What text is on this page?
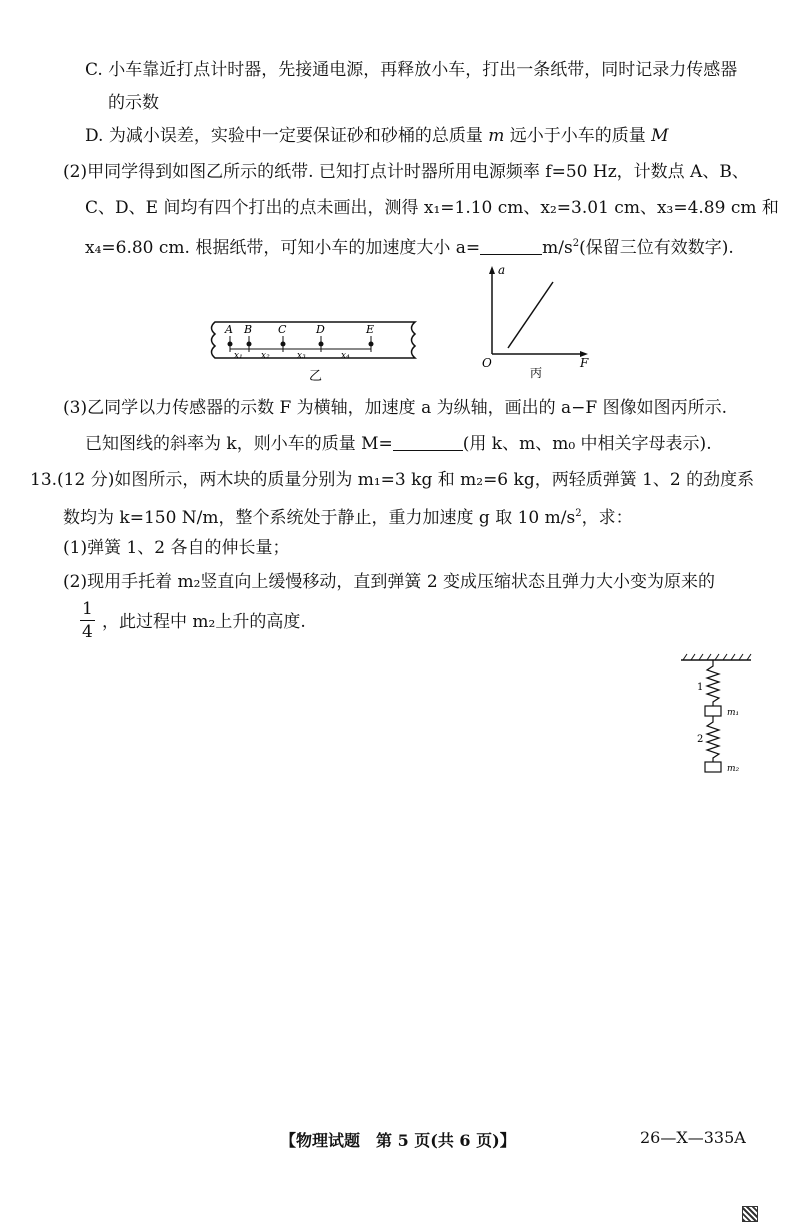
C. 小车靠近打点计时器，先接通电源，再释放小车，打出一条纸带，同时记录力传感器
的示数
D. 为减小误差，实验中一定要保证砂和砂桶的总质量 m 远小于小车的质量 M
(2)甲同学得到如图乙所示的纸带. 已知打点计时器所用电源频率 f=50 Hz，计数点 A、B、
C、D、E 间均有四个打出的点未画出，测得 x₁=1.10 cm、x₂=3.01 cm、x₃=4.89 cm 和
x₄=6.80 cm. 根据纸带，可知小车的加速度大小 a=	$m/s^2$(保留三位有效数字).
A B C	D	E
x₁ x₂	x₃	x₄
乙
a
F
O
丙
(3)乙同学以力传感器的示数 F 为横轴，加速度 a 为纵轴，画出的 a−F 图像如图丙所示.
已知图线的斜率为 k，则小车的质量 M=	(用 k、m、m₀ 中相关字母表示).
13.(12 分)如图所示，两木块的质量分别为 m₁=3 kg 和 m₂=6 kg，两轻质弹簧 1、2 的劲度系
数均为 k=150 N/m，整个系统处于静止，重力加速度 g 取 10 $m/s^2$，求：
(1)弹簧 1、2 各自的伸长量；
(2)现用手托着 m₂竖直向上缓慢移动，直到弹簧 2 变成压缩状态且弹力大小变为原来的
$\frac{1}{4}$ ，此过程中 m₂上升的高度.
1
2
m₁
m₂
【物理试题　第 5 页(共 6 页)】	26—X—335A
